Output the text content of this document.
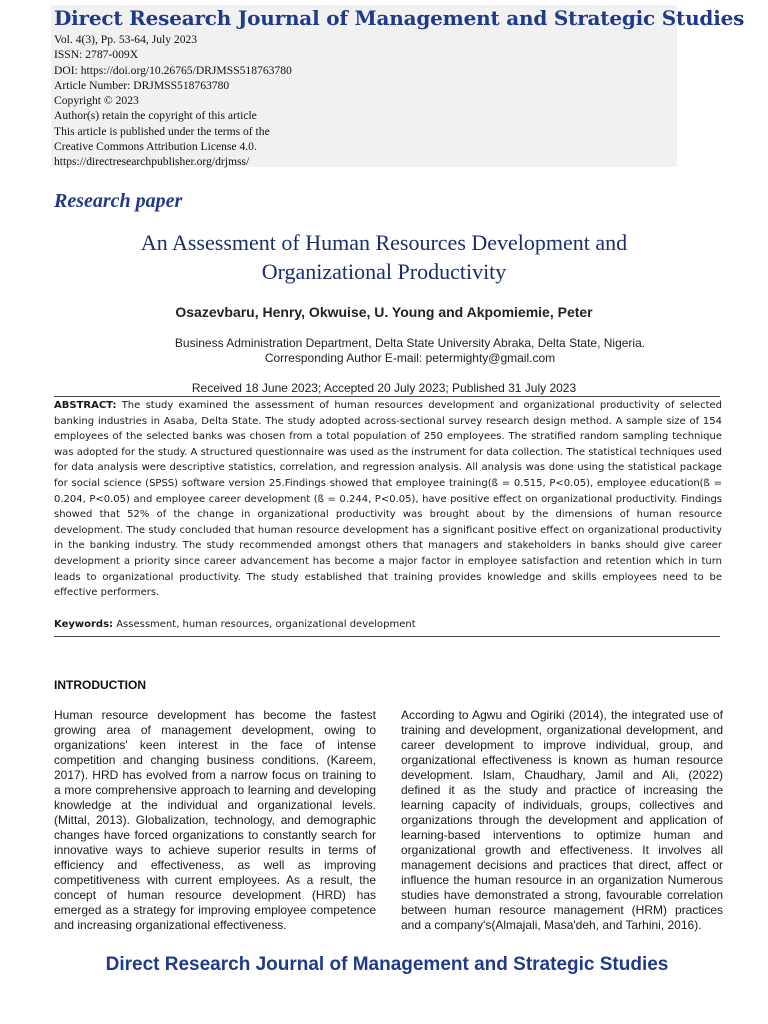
Direct Research Journal of Management and Strategic Studies
Vol. 4(3), Pp. 53-64, July 2023
ISSN: 2787-009X
DOI: https://doi.org/10.26765/DRJMSS518763780
Article Number: DRJMSS518763780
Copyright © 2023
Author(s) retain the copyright of this article
This article is published under the terms of the
Creative Commons Attribution License 4.0.
https://directresearchpublisher.org/drjmss/
Research paper
An Assessment of Human Resources Development and
Organizational Productivity
Osazevbaru, Henry, Okwuise, U. Young and Akpomiemie, Peter
Business Administration Department, Delta State University Abraka, Delta State, Nigeria.
Corresponding Author E-mail: petermighty@gmail.com
Received 18 June 2023; Accepted 20 July 2023; Published 31 July 2023
ABSTRACT: The study examined the assessment of human resources development and organizational productivity of selected banking industries in Asaba, Delta State. The study adopted across-sectional survey research design method. A sample size of 154 employees of the selected banks was chosen from a total population of 250 employees. The stratified random sampling technique was adopted for the study. A structured questionnaire was used as the instrument for data collection. The statistical techniques used for data analysis were descriptive statistics, correlation, and regression analysis. All analysis was done using the statistical package for social science (SPSS) software version 25.Findings showed that employee training(ß = 0.515, P<0.05), employee education(ß = 0.204, P<0.05) and employee career development (ß = 0.244, P<0.05), have positive effect on organizational productivity. Findings showed that 52% of the change in organizational productivity was brought about by the dimensions of human resource development. The study concluded that human resource development has a significant positive effect on organizational productivity in the banking industry. The study recommended amongst others that managers and stakeholders in banks should give career development a priority since career advancement has become a major factor in employee satisfaction and retention which in turn leads to organizational productivity. The study established that training provides knowledge and skills employees need to be effective performers.
Keywords: Assessment, human resources, organizational development
INTRODUCTION
Human resource development has become the fastest growing area of management development, owing to organizations' keen interest in the face of intense competition and changing business conditions. (Kareem, 2017). HRD has evolved from a narrow focus on training to a more comprehensive approach to learning and developing knowledge at the individual and organizational levels. (Mittal, 2013). Globalization, technology, and demographic changes have forced organizations to constantly search for innovative ways to achieve superior results in terms of efficiency and effectiveness, as well as improving competitiveness with current employees. As a result, the concept of human resource development (HRD) has emerged as a strategy for improving employee competence and increasing organizational effectiveness.
According to Agwu and Ogiriki (2014), the integrated use of training and development, organizational development, and career development to improve individual, group, and organizational effectiveness is known as human resource development. Islam, Chaudhary, Jamil and Ali, (2022) defined it as the study and practice of increasing the learning capacity of individuals, groups, collectives and organizations through the development and application of learning-based interventions to optimize human and organizational growth and effectiveness. It involves all management decisions and practices that direct, affect or influence the human resource in an organization Numerous studies have demonstrated a strong, favourable correlation between human resource management (HRM) practices and a company's(Almajali, Masa'deh, and Tarhini, 2016).
Direct Research Journal of Management and Strategic Studies
